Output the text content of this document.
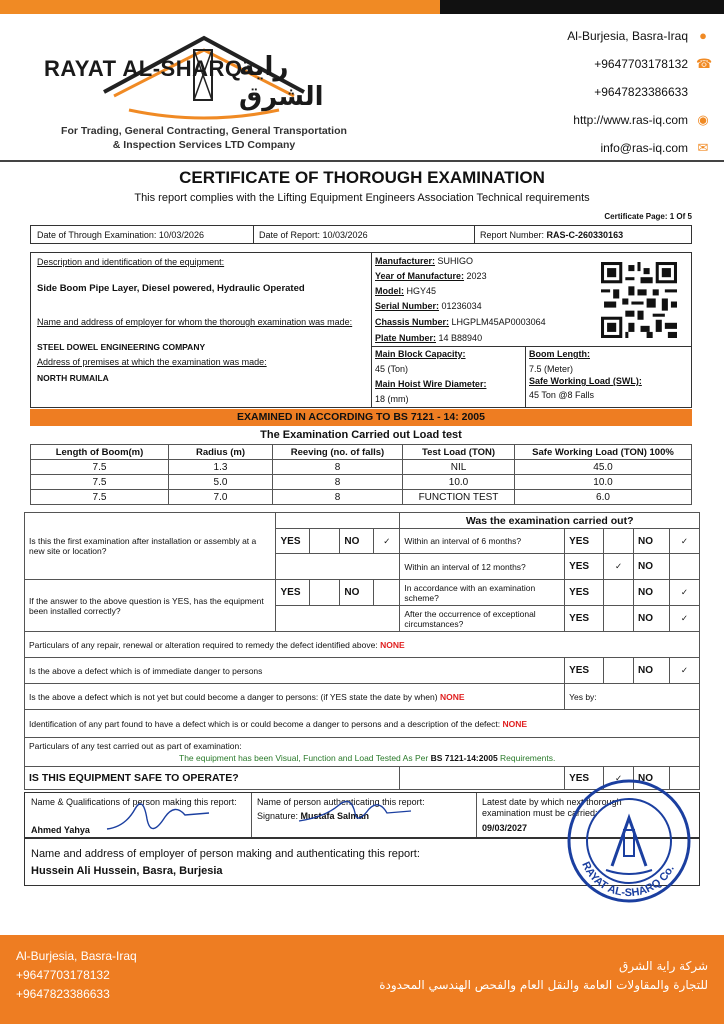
RAYAT AL-SHARQ
راية الشرق
For Trading, General Contracting, General Transportation
& Inspection Services LTD Company
Al-Burjesia, Basra-Iraq ●
+9647703178132 ☎
+9647823386633
http://www.ras-iq.com ◉
info@ras-iq.com ✉
CERTIFICATE OF THOROUGH EXAMINATION
This report complies with the Lifting Equipment Engineers Association Technical requirements
Certificate Page: 1 Of 5
Date of Through Examination: 10/03/2026	Date of Report: 10/03/2026	Report Number: RAS-C-260330163
Description and identification of the equipment:
Side Boom Pipe Layer, Diesel powered, Hydraulic Operated
Name and address of employer for whom the thorough examination was made:
STEEL DOWEL ENGINEERING COMPANY
Address of premises at which the examination was made:
NORTH RUMAILA
Manufacturer: SUHIGO
Year of Manufacture: 2023
Model: HGY45
Serial Number: 01236034
Chassis Number: LHGPLM45AP0003064
Plate Number: 14 B88940
Main Block Capacity:
45 (Ton)
Main Hoist Wire Diameter:
18 (mm)
Boom Length:
7.5 (Meter)
Safe Working Load (SWL):
45 Ton @8 Falls
EXAMINED IN ACCORDING TO BS 7121 - 14: 2005
The Examination Carried out Load test
Length of Boom(m)	Radius (m)	Reeving (no. of falls)	Test Load (TON)	Safe Working Load (TON) 100%
7.5	1.3	8	NIL	45.0
7.5	5.0	8	10.0	10.0
7.5	7.0	8	FUNCTION TEST	6.0
Is this the first examination after installation or assembly at a new site or location?					Was the examination carried out?				
	YES		NO	✓	Within an interval of 6 months?	YES		NO	✓
					Within an interval of 12 months?	YES	✓	NO	
If the answer to the above question is YES, has the equipment been installed correctly?	YES		NO		In accordance with an examination scheme?	YES		NO	✓
					After the occurrence of exceptional circumstances?	YES		NO	✓
Particulars of any repair, renewal or alteration required to remedy the defect identified above: NONE									
Is the above a defect which is of immediate danger to persons						YES		NO	✓
Is the above a defect which is not yet but could become a danger to persons: (if YES state the date by when) NONE						Yes by:			
Identification of any part found to have a defect which is or could become a danger to persons and a description of the defect: NONE									

Particulars of any test carried out as part of examination:
The equipment has been Visual, Function and Load Tested As Per BS 7121-14:2005 Requirements.									

IS THIS EQUIPMENT SAFE TO OPERATE?						YES	✓	NO	
Name & Qualifications of person making this report:
Ahmed Yahya
Name of person authenticating this report:
Signature: Mustafa Salman
Latest date by which next thorough examination must be carried:
09/03/2027
Name and address of employer of person making and authenticating this report:
Hussein Ali Hussein, Basra, Burjesia	RAYAT AL-SHARQ Co.
Al-Burjesia, Basra-Iraq
+9647703178132
+9647823386633
شركة راية الشرق
للتجارة والمقاولات العامة والنقل العام والفحص الهندسي المحدودة
